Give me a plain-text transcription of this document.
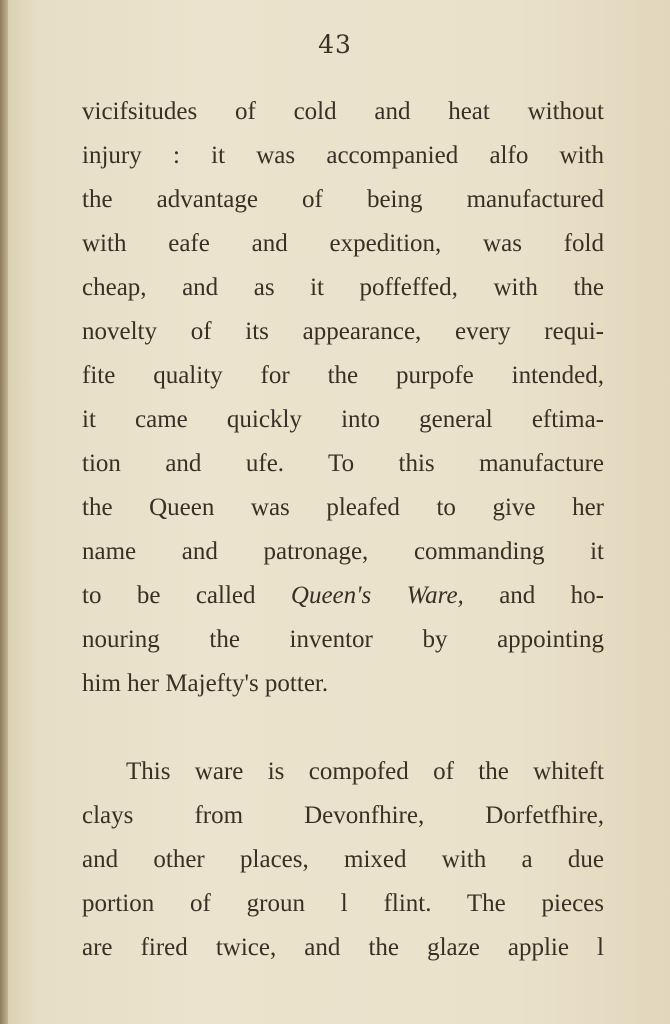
43
vicifsitudes of cold and heat without
injury : it was accompanied alfo with
the advantage of being manufactured
with eafe and expedition, was fold
cheap, and as it poffeffed, with the
novelty of its appearance, every requi-
fite quality for the purpofe intended,
it came quickly into general eftima-
tion and ufe. To this manufacture
the Queen was pleafed to give her
name and patronage, commanding it
to be called Queen's Ware, and ho-
nouring the inventor by appointing
him her Majefty's potter.
This ware is compofed of the whiteft
clays from Devonfhire, Dorfetfhire,
and other places, mixed with a due
portion of groun l flint. The pieces
are fired twice, and the glaze applie l
